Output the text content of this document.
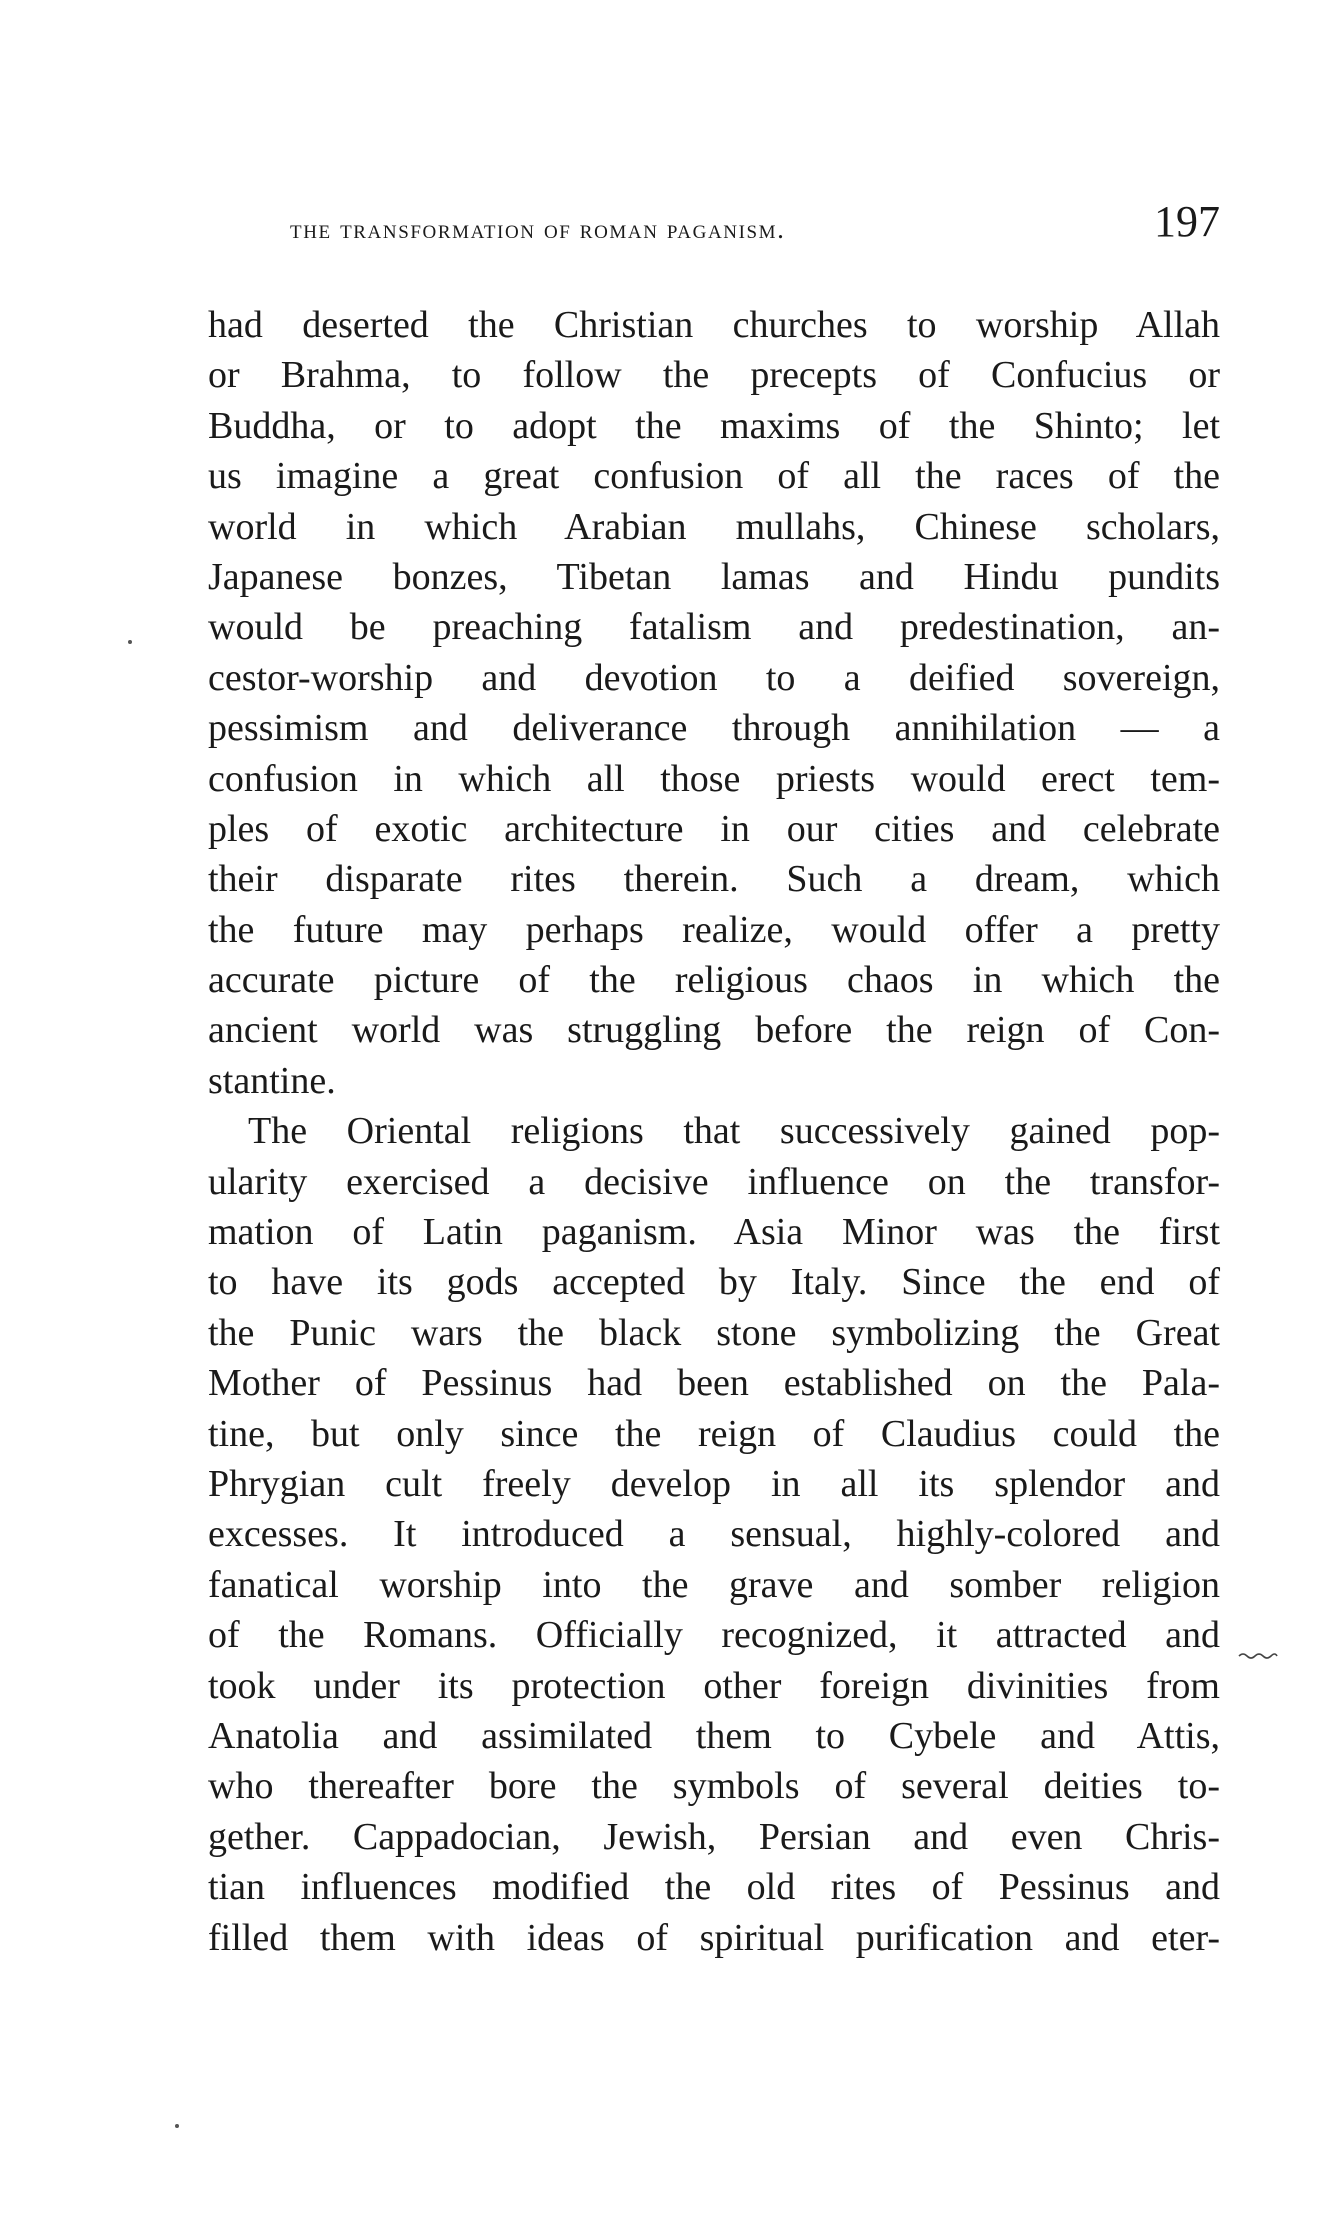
the transformation of roman paganism.	197
had deserted the Christian churches to worship Allah
or Brahma, to follow the precepts of Confucius or
Buddha, or to adopt the maxims of the Shinto; let
us imagine a great confusion of all the races of the
world in which Arabian mullahs, Chinese scholars,
Japanese bonzes, Tibetan lamas and Hindu pundits
would be preaching fatalism and predestination, an-
cestor-worship and devotion to a deified sovereign,
pessimism and deliverance through annihilation — a
confusion in which all those priests would erect tem-
ples of exotic architecture in our cities and celebrate
their disparate rites therein. Such a dream, which
the future may perhaps realize, would offer a pretty
accurate picture of the religious chaos in which the
ancient world was struggling before the reign of Con-
stantine.
The Oriental religions that successively gained pop-
ularity exercised a decisive influence on the transfor-
mation of Latin paganism. Asia Minor was the first
to have its gods accepted by Italy. Since the end of
the Punic wars the black stone symbolizing the Great
Mother of Pessinus had been established on the Pala-
tine, but only since the reign of Claudius could the
Phrygian cult freely develop in all its splendor and
excesses. It introduced a sensual, highly-colored and
fanatical worship into the grave and somber religion
of the Romans. Officially recognized, it attracted and
took under its protection other foreign divinities from
Anatolia and assimilated them to Cybele and Attis,
who thereafter bore the symbols of several deities to-
gether. Cappadocian, Jewish, Persian and even Chris-
tian influences modified the old rites of Pessinus and
filled them with ideas of spiritual purification and eter-
